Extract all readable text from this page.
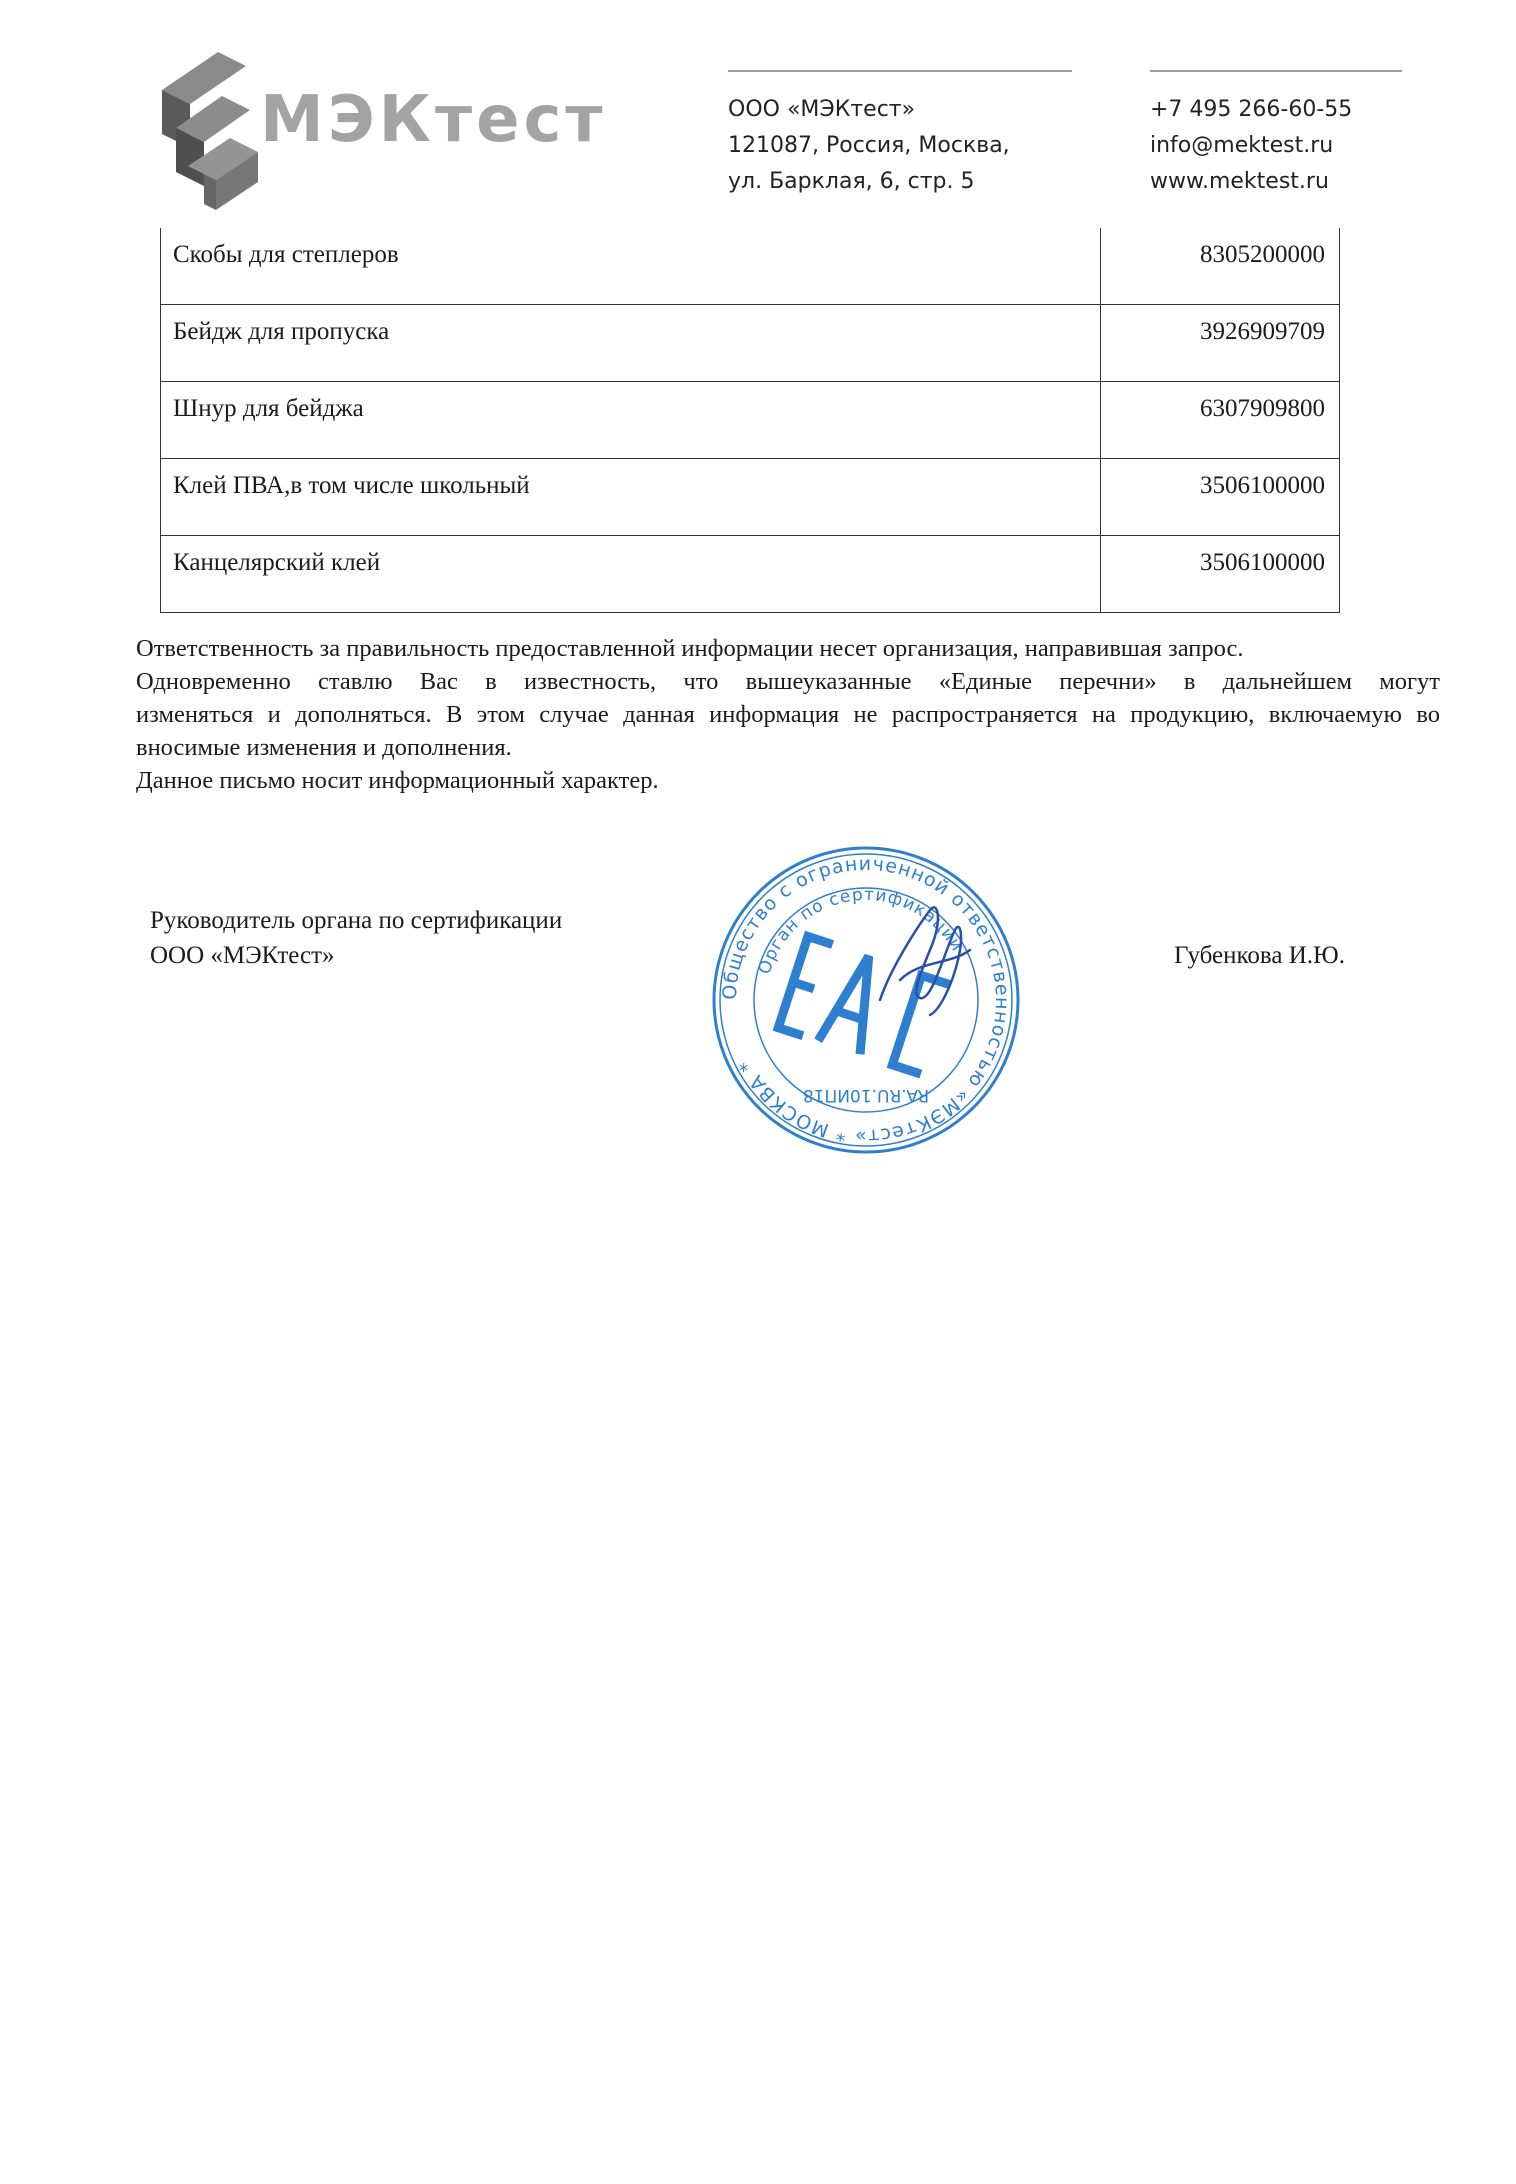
МЭКтест	ООО «МЭКтест»
121087, Россия, Москва,
ул. Барклая, 6, стр. 5
+7 495 266-60-55
info@mektest.ru
www.mektest.ru
Скобы для степлеров	8305200000
Бейдж для пропуска	3926909709
Шнур для бейджа	6307909800
Клей ПВА,в том числе школьный	3506100000
Канцелярский клей	3506100000

Ответственность за правильность предоставленной информации несет организация, направившая запрос.

Одновременно ставлю Вас в известность, что вышеуказанные «Единые перечни» в дальнейшем могут
изменяться и дополняться. В этом случае данная информация не распространяется на продукцию, включаемую во вносимые изменения и дополнения.

Данное письмо носит информационный характер.

Руководитель органа по сертификации
ООО «МЭКтест»	Губенкова И.Ю.
Общество с ограниченной ответственностью «МЭКтест» * МОСКВА *
Орган по сертификации
RA.RU.10ИП18
